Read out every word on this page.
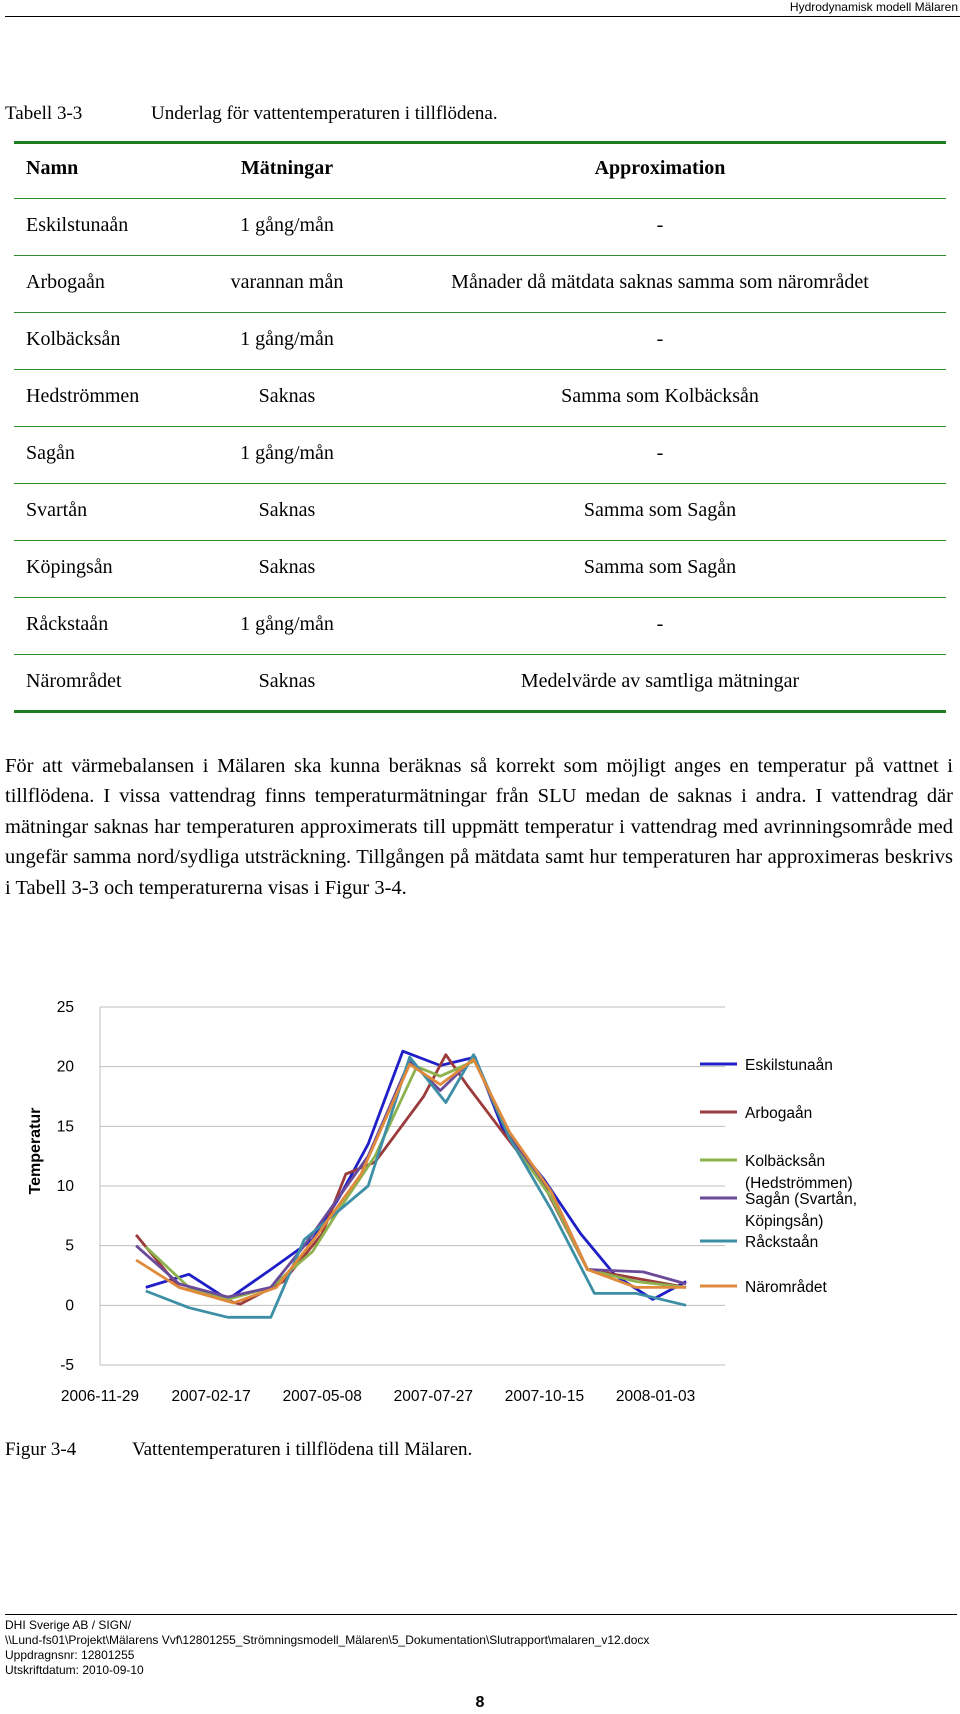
Hydrodynamisk modell Mälaren
Tabell 3-3	Underlag för vattentemperaturen i tillflödena.
Namn	Mätningar	Approximation
Eskilstunaån	1 gång/mån	-
Arbogaån	varannan mån	Månader då mätdata saknas samma som närområdet
Kolbäcksån	1 gång/mån	-
Hedströmmen	Saknas	Samma som Kolbäcksån
Sagån	1 gång/mån	-
Svartån	Saknas	Samma som Sagån
Köpingsån	Saknas	Samma som Sagån
Råckstaån	1 gång/mån	-
Närområdet	Saknas	Medelvärde av samtliga mätningar
För att värmebalansen i Mälaren ska kunna beräknas så korrekt som möjligt anges en temperatur på vattnet i tillflödena. I vissa vattendrag finns temperaturmätningar från SLU medan de saknas i andra. I vattendrag där mätningar saknas har temperaturen approximerats till uppmätt temperatur i vattendrag med avrinningsområde med ungefär samma nord/sydliga utsträckning. Tillgången på mätdata samt hur temperaturen har approximeras beskrivs i Tabell 3-3 och temperaturerna visas i Figur 3-4.
-5
0
5
10
15
20
25
2006-11-29 2007-02-17 2007-05-08 2007-07-27 2007-10-15 2008-01-03
Temperatur
Eskilstunaån
Arbogaån
Kolbäcksån (Hedströmmen)
Sagån (Svartån, Köpingsån)
Råckstaån
Närområdet
Figur 3-4	Vattentemperaturen i tillflödena till Mälaren.
DHI Sverige AB / SIGN/
\\Lund-fs01\Projekt\Mälarens Vvf\12801255_Strömningsmodell_Mälaren\5_Dokumentation\Slutrapport\malaren_v12.docx
Uppdragnsnr: 12801255
Utskriftdatum: 2010-09-10
8
